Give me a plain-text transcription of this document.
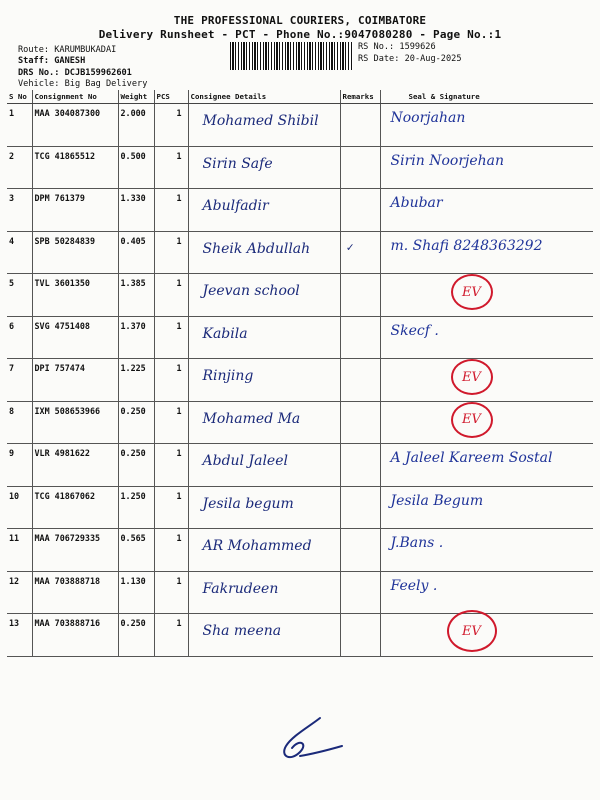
THE PROFESSIONAL COURIERS, COIMBATORE
Delivery Runsheet - PCT - Phone No.:9047080280 - Page No.:1
Route: KARUMBUKADAI
Staff: GANESH
DRS No.: DCJB159962601
Vehicle: Big Bag Delivery
RS No.: 1599626
RS Date: 20-Aug-2025
S No	Consignment No	Weight	PCS	Consignee Details	Remarks	Seal & Signature
1	MAA 304087300	2.000	1	Mohamed Shibil		Noorjahan

2	TCG 41865512	0.500	1	Sirin Safe		Sirin Noorjehan

3	DPM 761379	1.330	1	Abulfadir		Abubar

4	SPB 50284839	0.405	1	Sheik Abdullah	✓	m. Shafi 8248363292

5	TVL 3601350	1.385	1	Jeevan school		EV

6	SVG 4751408	1.370	1	Kabila		Skecf .

7	DPI 757474	1.225	1	Rinjing		EV

8	IXM 508653966	0.250	1	Mohamed Ma		EV

9	VLR 4981622	0.250	1	Abdul Jaleel		A Jaleel Kareem Sostal

10	TCG 41867062	1.250	1	Jesila begum		Jesila Begum

11	MAA 706729335	0.565	1	AR Mohammed		J.Bans .

12	MAA 703888718	1.130	1	Fakrudeen		Feely .

13	MAA 703888716	0.250	1	Sha meena		EV
